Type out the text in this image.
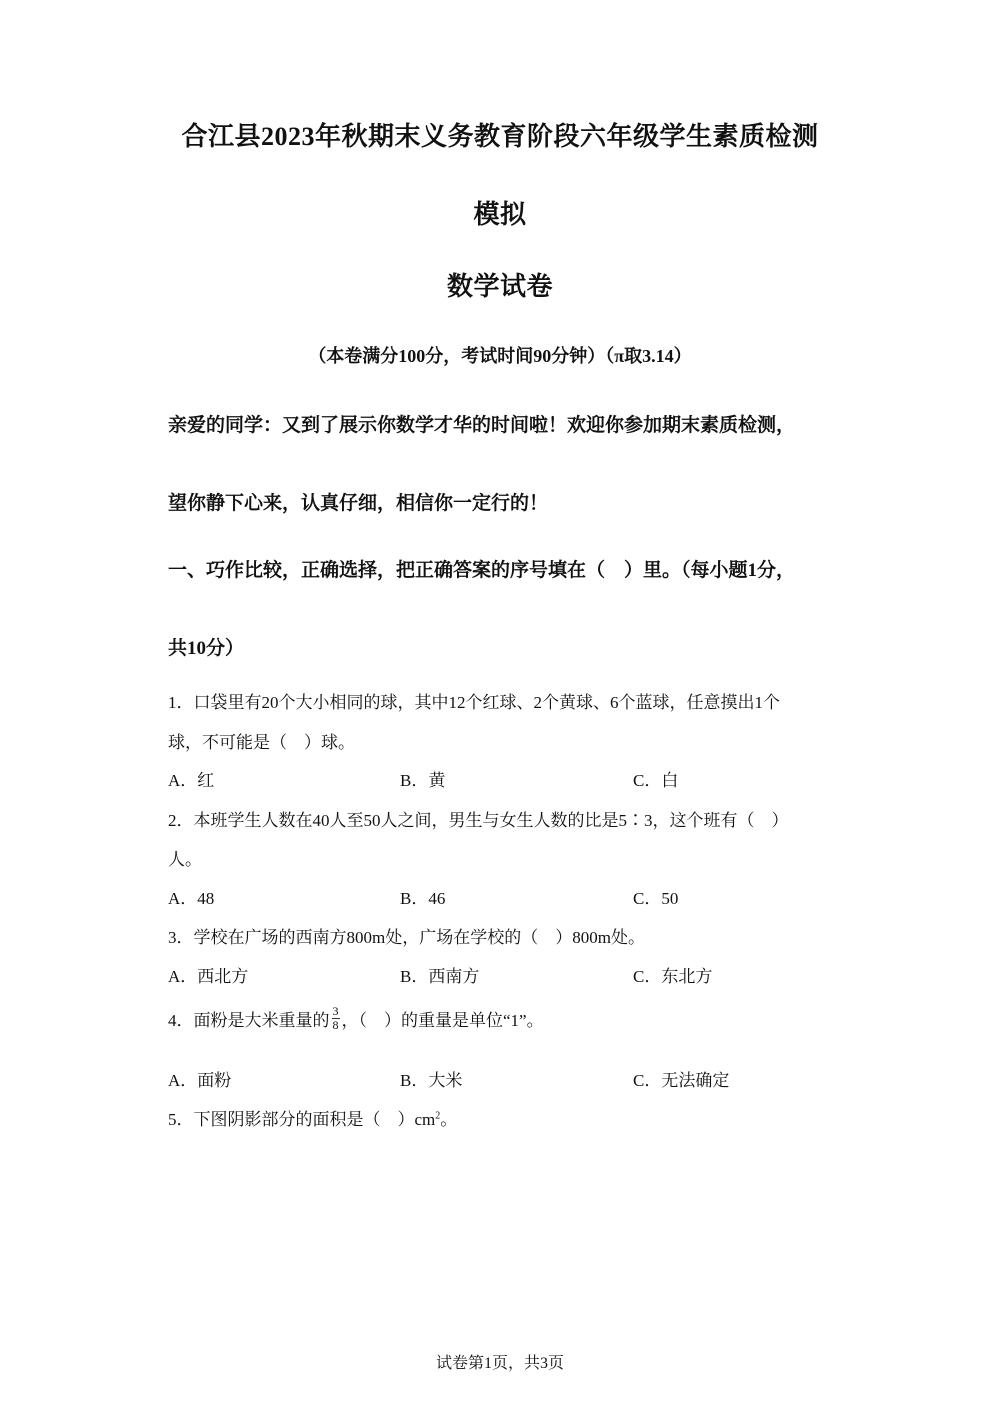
合江县2023年秋期末义务教育阶段六年级学生素质检测
模拟
数学试卷
（本卷满分100分，考试时间90分钟）（π取3.14）
亲爱的同学：又到了展示你数学才华的时间啦！欢迎你参加期末素质检测，
望你静下心来，认真仔细，相信你一定行的！
一、巧作比较，正确选择，把正确答案的序号填在（　）里。（每小题1分，
共10分）
1．口袋里有20个大小相同的球，其中12个红球、2个黄球、6个蓝球，任意摸出1个
球，不可能是（　）球。
A．红	B．黄	C．白
2．本班学生人数在40人至50人之间，男生与女生人数的比是5∶3，这个班有（　）
人。
A．48	B．46	C．50
3．学校在广场的西南方800m处，广场在学校的（　）800m处。
A．西北方	B．西南方	C．东北方
4．面粉是大米重量的 $\frac{3}{8}$ ，（　）的重量是单位“1”。
A．面粉	B．大米	C．无法确定
5．下图阴影部分的面积是（　）$cm^2$。
试卷第1页，共3页
